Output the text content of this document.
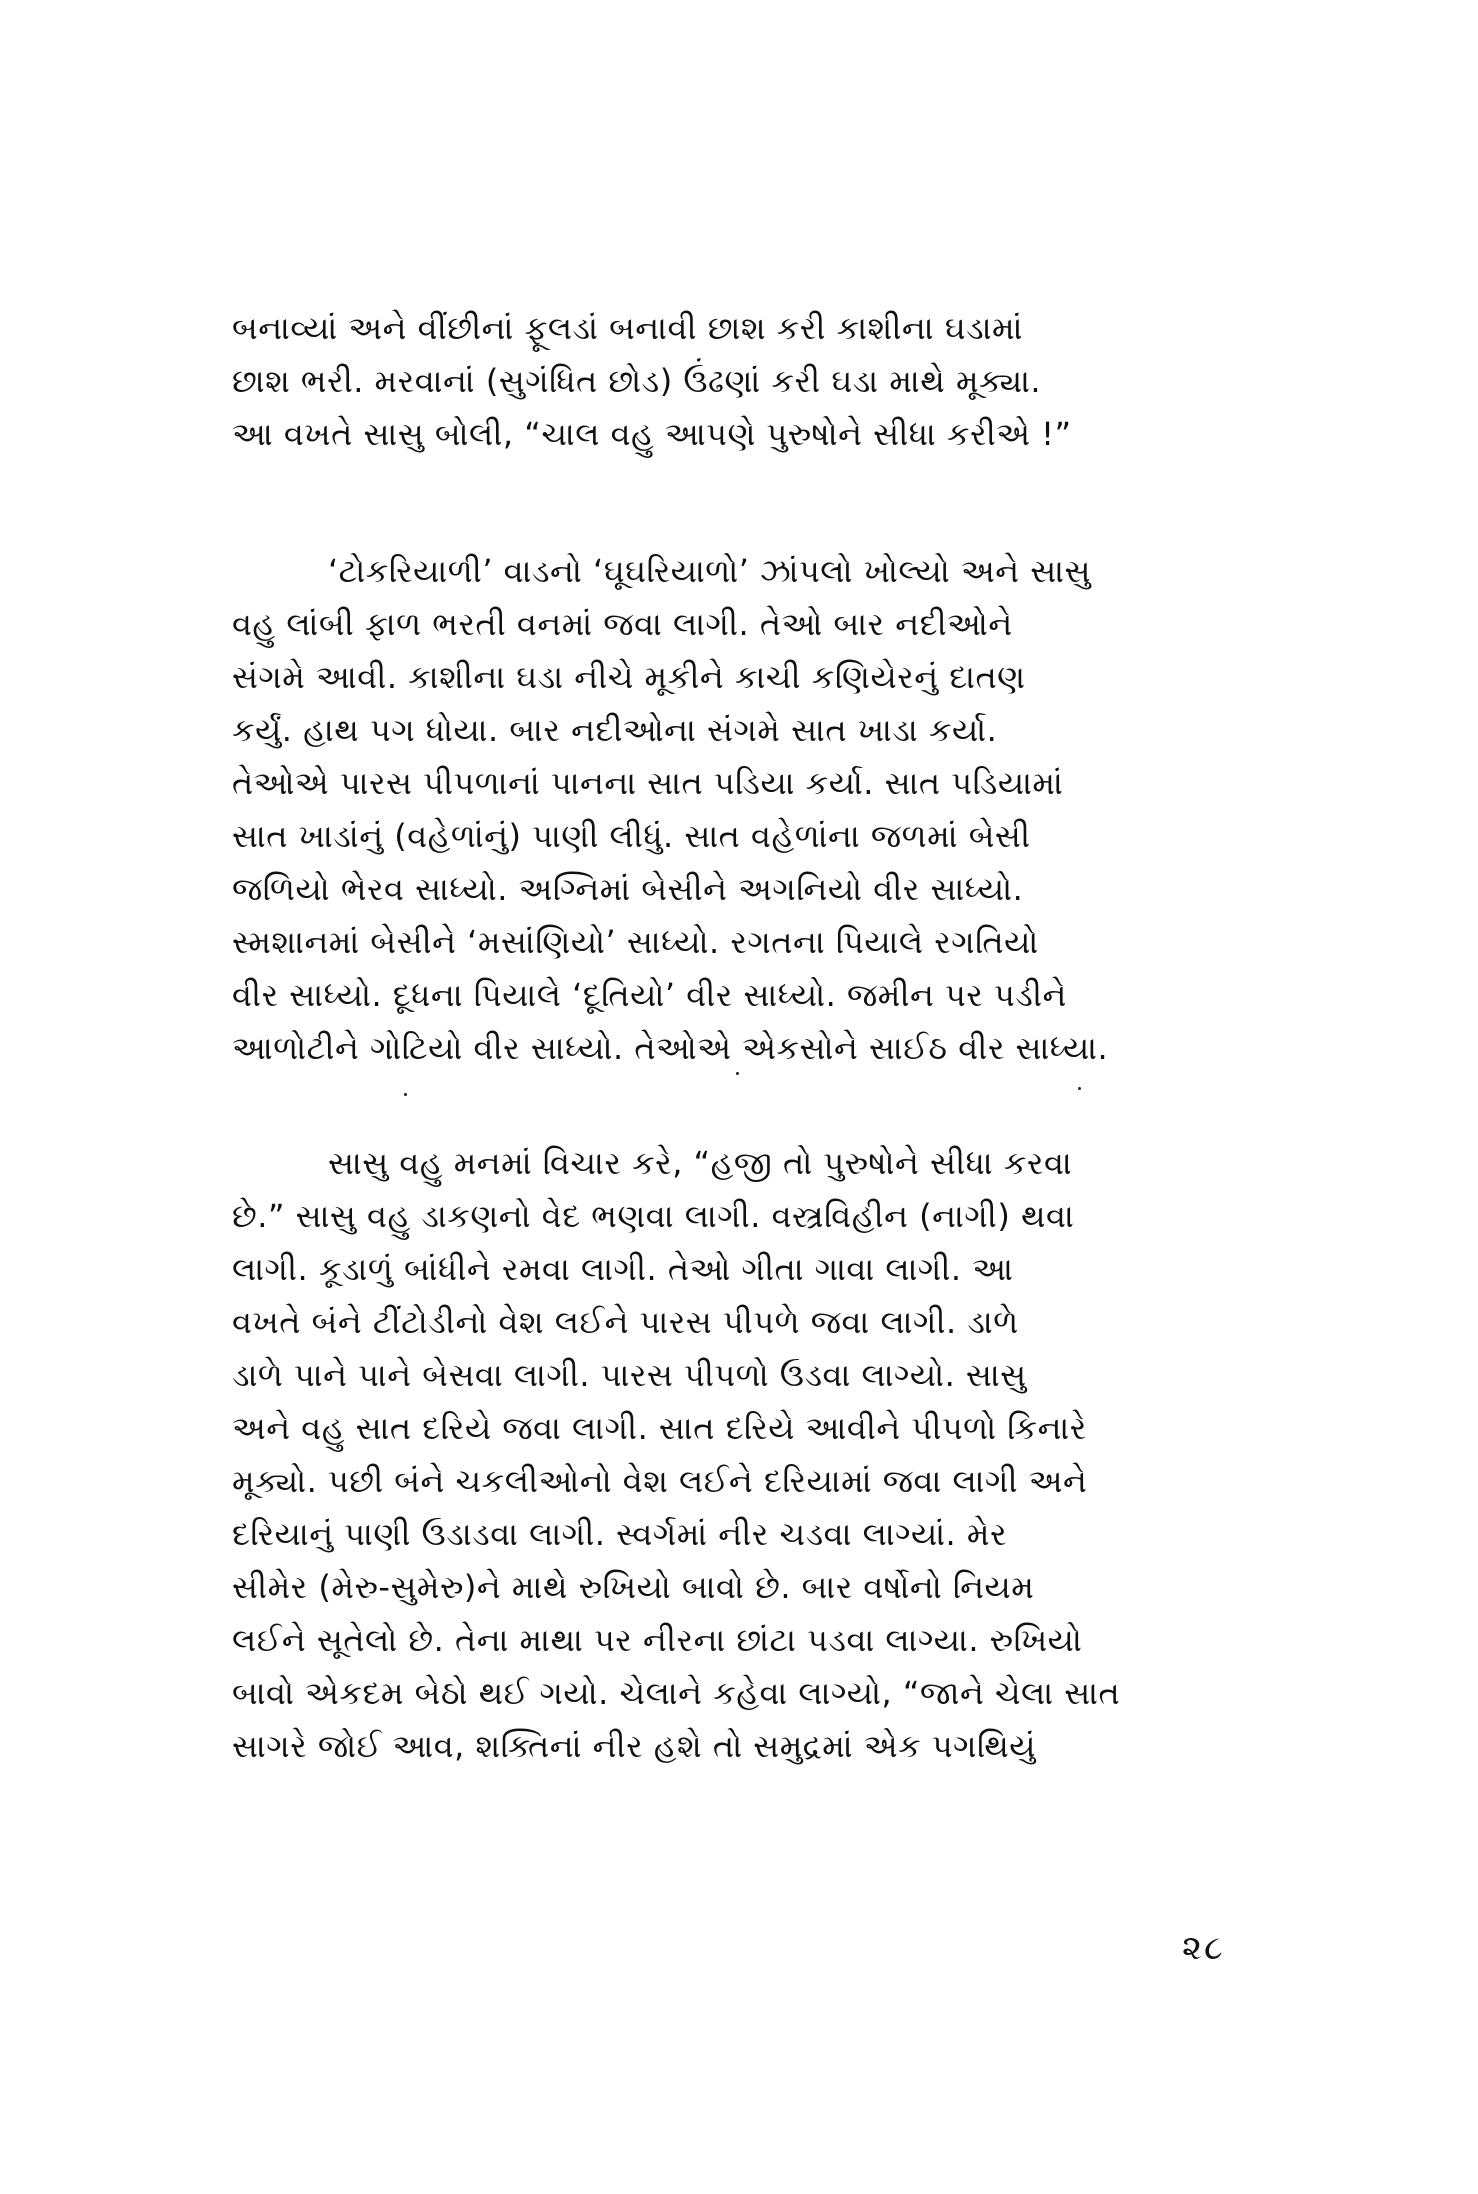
બનાવ્યાં અને વીંછીનાં ફૂલડાં બનાવી છાશ કરી કાશીના ઘડામાં
છાશ ભરી. મરવાનાં (સુગંધિત છોડ) ઉંઢણાં કરી ઘડા માથે મૂક્યા.
આ વખતે સાસુ બોલી, “ચાલ વહુ આપણે પુરુષોને સીધા કરીએ !”
‘ટોકરિયાળી’ વાડનો ‘ઘૂઘરિયાળો’ ઝાંપલો ખોલ્યો અને સાસુ
વહુ લાંબી ફાળ ભરતી વનમાં જવા લાગી. તેઓ બાર નદીઓને
સંગમે આવી. કાશીના ઘડા નીચે મૂકીને કાચી કણિયેરનું દાતણ
કર્યું. હાથ પગ ધોયા. બાર નદીઓના સંગમે સાત ખાડા કર્યા.
તેઓએ પારસ પીપળાનાં પાનના સાત પડિયા કર્યા. સાત પડિયામાં
સાત ખાડાંનું (વહેળાંનું) પાણી લીધું. સાત વહેળાંના જળમાં બેસી
જળિયો ભેરવ સાધ્યો. અગ્નિમાં બેસીને અગનિયો વીર સાધ્યો.
સ્મશાનમાં બેસીને ‘મસાંણિયો’ સાધ્યો. રગતના પિયાલે રગતિયો
વીર સાધ્યો. દૂધના પિયાલે ‘દૂતિયો’ વીર સાધ્યો. જમીન પર પડીને
આળોટીને ગોટિયો વીર સાધ્યો. તેઓએ એકસોને સાઈઠ વીર સાધ્યા.
સાસુ વહુ મનમાં વિચાર કરે, “હજી તો પુરુષોને સીધા કરવા
છે.” સાસુ વહુ ડાકણનો વેદ ભણવા લાગી. વસ્ત્રવિહીન (નાગી) થવા
લાગી. કૂડાળું બાંધીને રમવા લાગી. તેઓ ગીતા ગાવા લાગી. આ
વખતે બંને ટીંટોડીનો વેશ લઈને પારસ પીપળે જવા લાગી. ડાળે
ડાળે પાને પાને બેસવા લાગી. પારસ પીપળો ઉડવા લાગ્યો. સાસુ
અને વહુ સાત દરિયે જવા લાગી. સાત દરિયે આવીને પીપળો કિનારે
મૂક્યો. પછી બંને ચકલીઓનો વેશ લઈને દરિયામાં જવા લાગી અને
દરિયાનું પાણી ઉડાડવા લાગી. સ્વર્ગમાં નીર ચડવા લાગ્યાં. મેર
સીમેર (મેરુ-સુમેરુ)ને માથે રુખિયો બાવો છે. બાર વર્ષોનો નિયમ
લઈને સૂતેલો છે. તેના માથા પર નીરના છાંટા પડવા લાગ્યા. રુખિયો
બાવો એકદમ બેઠો થઈ ગયો. ચેલાને કહેવા લાગ્યો, “જાને ચેલા સાત
સાગરે જોઈ આવ, શક્તિનાં નીર હશે તો સમુદ્રમાં એક પગથિયું
૨૮
